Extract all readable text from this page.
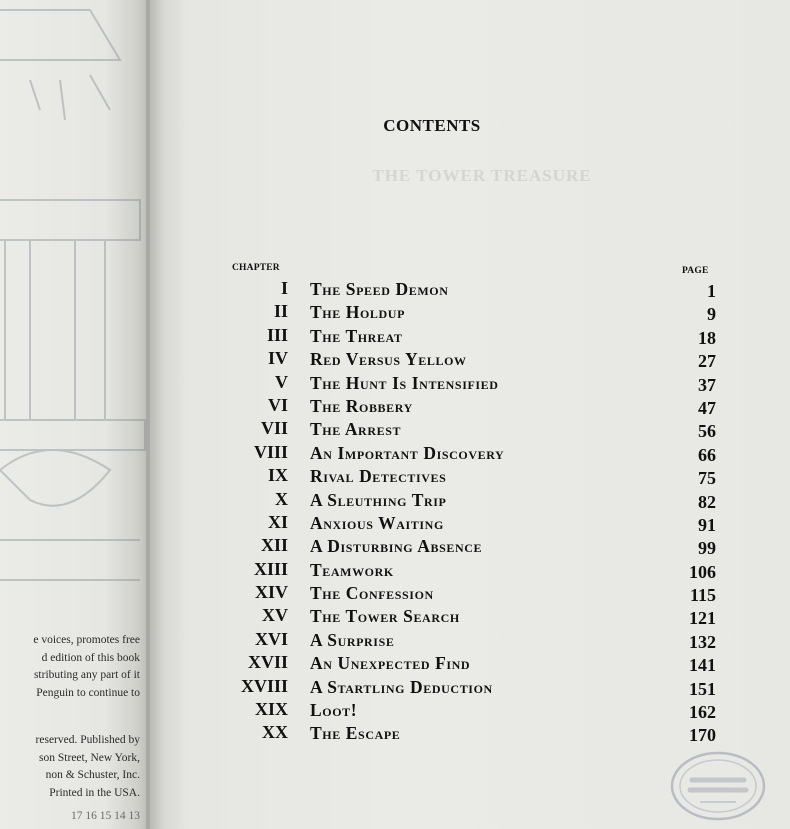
e voices, promotes free
d edition of this book
stributing any part of it
Penguin to continue to
reserved. Published by
son Street, New York,
non & Schuster, Inc.
Printed in the USA.
17 16 15 14 13
THE TOWER TREASURE
CONTENTS
CHAPTER	PAGE
I The Speed Demon	1
II The Holdup	9
III The Threat	18
IV Red Versus Yellow	27
V The Hunt Is Intensified	37
VI The Robbery	47
VII The Arrest	56
VIII An Important Discovery	66
IX Rival Detectives	75
X A Sleuthing Trip	82
XI Anxious Waiting	91
XII A Disturbing Absence	99
XIII Teamwork	106
XIV The Confession	115
XV The Tower Search	121
XVI A Surprise	132
XVII An Unexpected Find	141
XVIII A Startling Deduction	151
XIX Loot!	162
XX The Escape	170
